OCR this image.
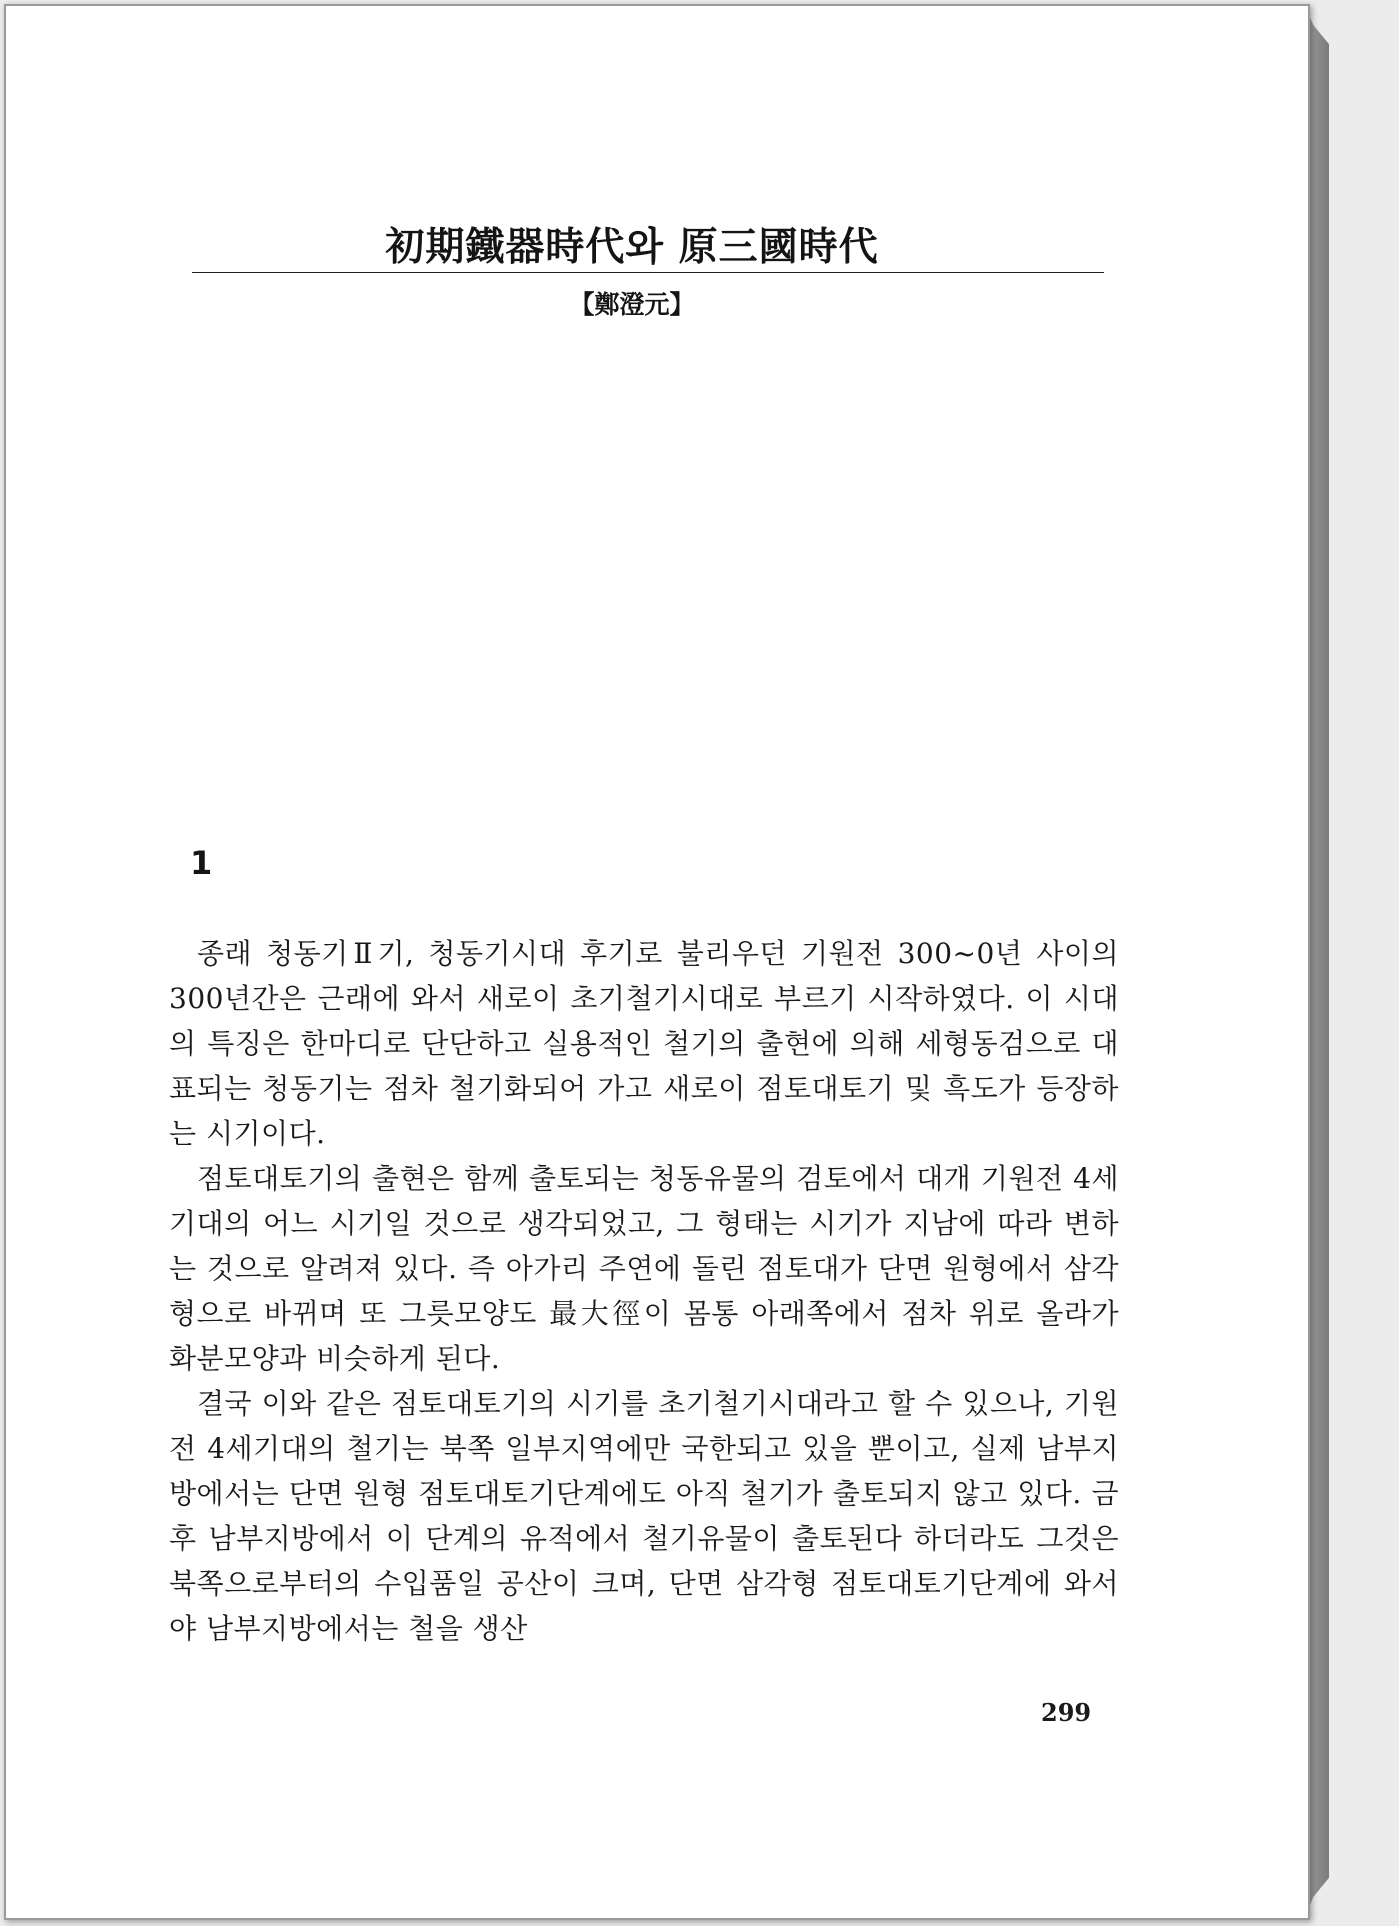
初期鐵器時代와 原三國時代
【鄭澄元】
1

종래 청동기Ⅱ기, 청동기시대 후기로 불리우던 기원전 300~0년 사이의 300년간은 근래에 와서 새로이 초기철기시대로 부르기 시작하였다. 이 시대의 특징은 한마디로 단단하고 실용적인 철기의 출현에 의해 세형동검으로 대표되는 청동기는 점차 철기화되어 가고 새로이 점토대토기 및 흑도가 등장하는 시기이다.

점토대토기의 출현은 함께 출토되는 청동유물의 검토에서 대개 기원전 4세기대의 어느 시기일 것으로 생각되었고, 그 형태는 시기가 지남에 따라 변하는 것으로 알려져 있다. 즉 아가리 주연에 돌린 점토대가 단면 원형에서 삼각형으로 바뀌며 또 그릇모양도 最大徑이 몸통 아래쪽에서 점차 위로 올라가 화분모양과 비슷하게 된다.

결국 이와 같은 점토대토기의 시기를 초기철기시대라고 할 수 있으나, 기원전 4세기대의 철기는 북쪽 일부지역에만 국한되고 있을 뿐이고, 실제 남부지방에서는 단면 원형 점토대토기단계에도 아직 철기가 출토되지 않고 있다. 금후 남부지방에서 이 단계의 유적에서 철기유물이 출토된다 하더라도 그것은 북쪽으로부터의 수입품일 공산이 크며, 단면 삼각형 점토대토기단계에 와서야 남부지방에서는 철을 생산

299
